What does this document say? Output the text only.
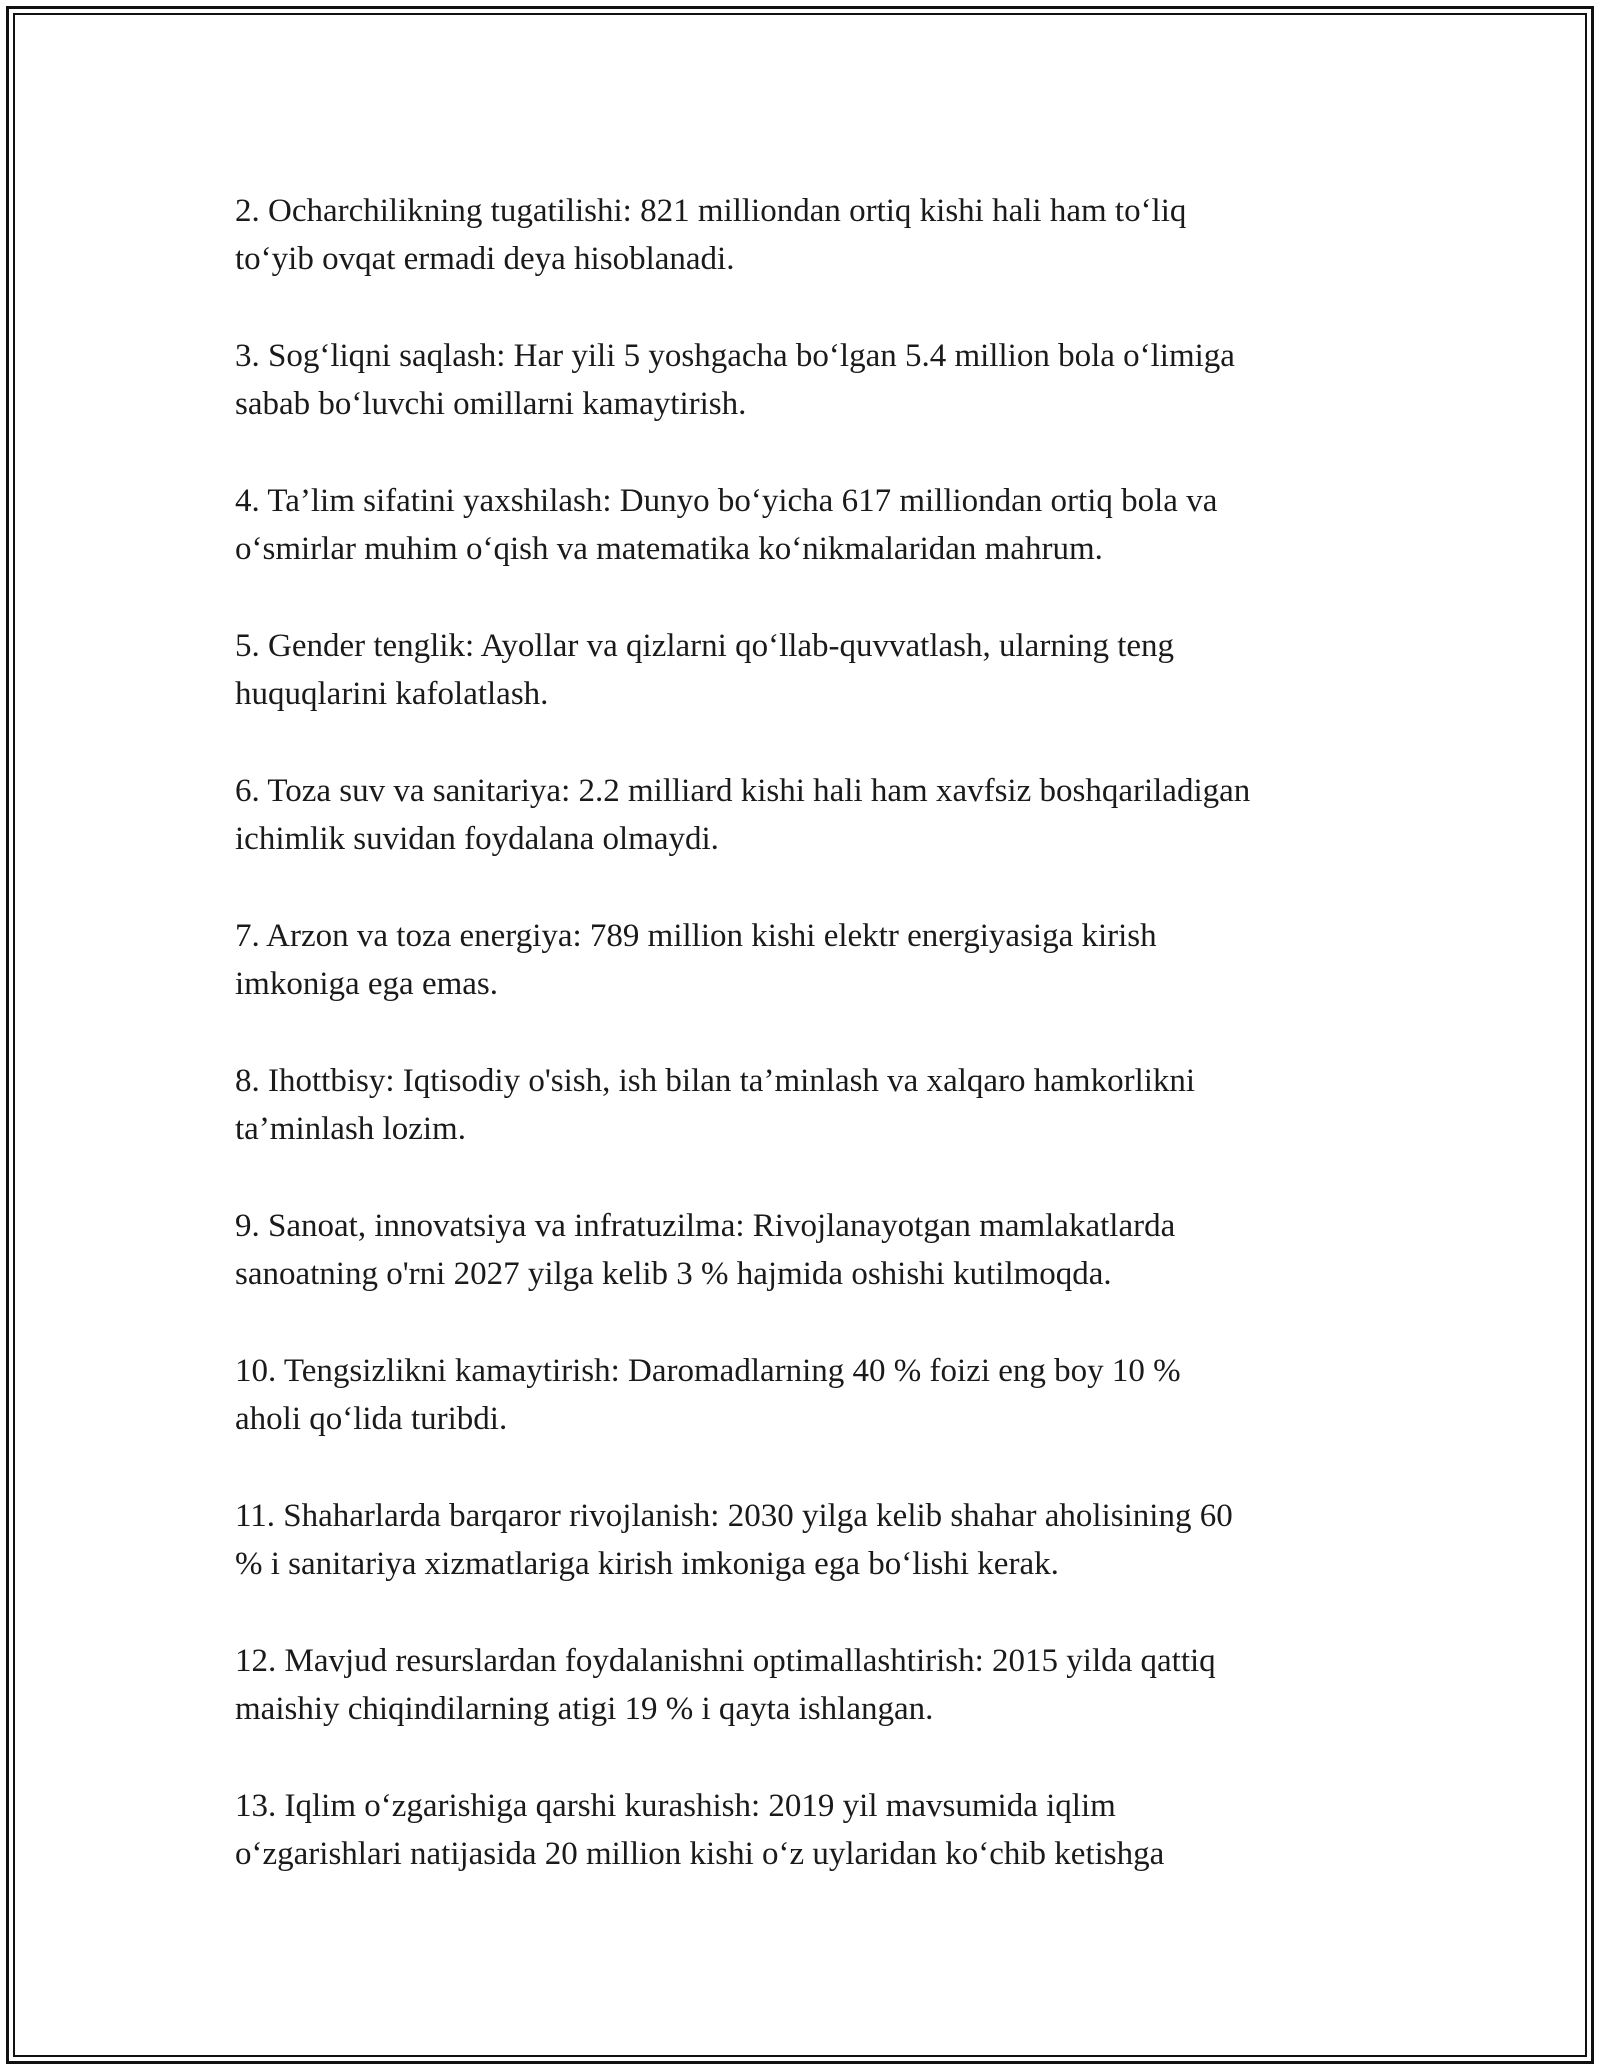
2. Ocharchilikning tugatilishi: 821 milliondan ortiq kishi hali ham to‘liq
to‘yib ovqat ermadi deya hisoblanadi.

3. Sog‘liqni saqlash: Har yili 5 yoshgacha bo‘lgan 5.4 million bola o‘limiga
sabab bo‘luvchi omillarni kamaytirish.

4. Ta’lim sifatini yaxshilash: Dunyo bo‘yicha 617 milliondan ortiq bola va
o‘smirlar muhim o‘qish va matematika ko‘nikmalaridan mahrum.

5. Gender tenglik: Ayollar va qizlarni qo‘llab-quvvatlash, ularning teng
huquqlarini kafolatlash.

6. Toza suv va sanitariya: 2.2 milliard kishi hali ham xavfsiz boshqariladigan
ichimlik suvidan foydalana olmaydi.

7. Arzon va toza energiya: 789 million kishi elektr energiyasiga kirish
imkoniga ega emas.

8. Ihottbisy: Iqtisodiy o'sish, ish bilan ta’minlash va xalqaro hamkorlikni
ta’minlash lozim.

9. Sanoat, innovatsiya va infratuzilma: Rivojlanayotgan mamlakatlarda
sanoatning o'rni 2027 yilga kelib 3 % hajmida oshishi kutilmoqda.

10. Tengsizlikni kamaytirish: Daromadlarning 40 % foizi eng boy 10 %
aholi qo‘lida turibdi.

11. Shaharlarda barqaror rivojlanish: 2030 yilga kelib shahar aholisining 60
% i sanitariya xizmatlariga kirish imkoniga ega bo‘lishi kerak.

12. Mavjud resurslardan foydalanishni optimallashtirish: 2015 yilda qattiq
maishiy chiqindilarning atigi 19 % i qayta ishlangan.

13. Iqlim o‘zgarishiga qarshi kurashish: 2019 yil mavsumida iqlim
o‘zgarishlari natijasida 20 million kishi o‘z uylaridan ko‘chib ketishga
